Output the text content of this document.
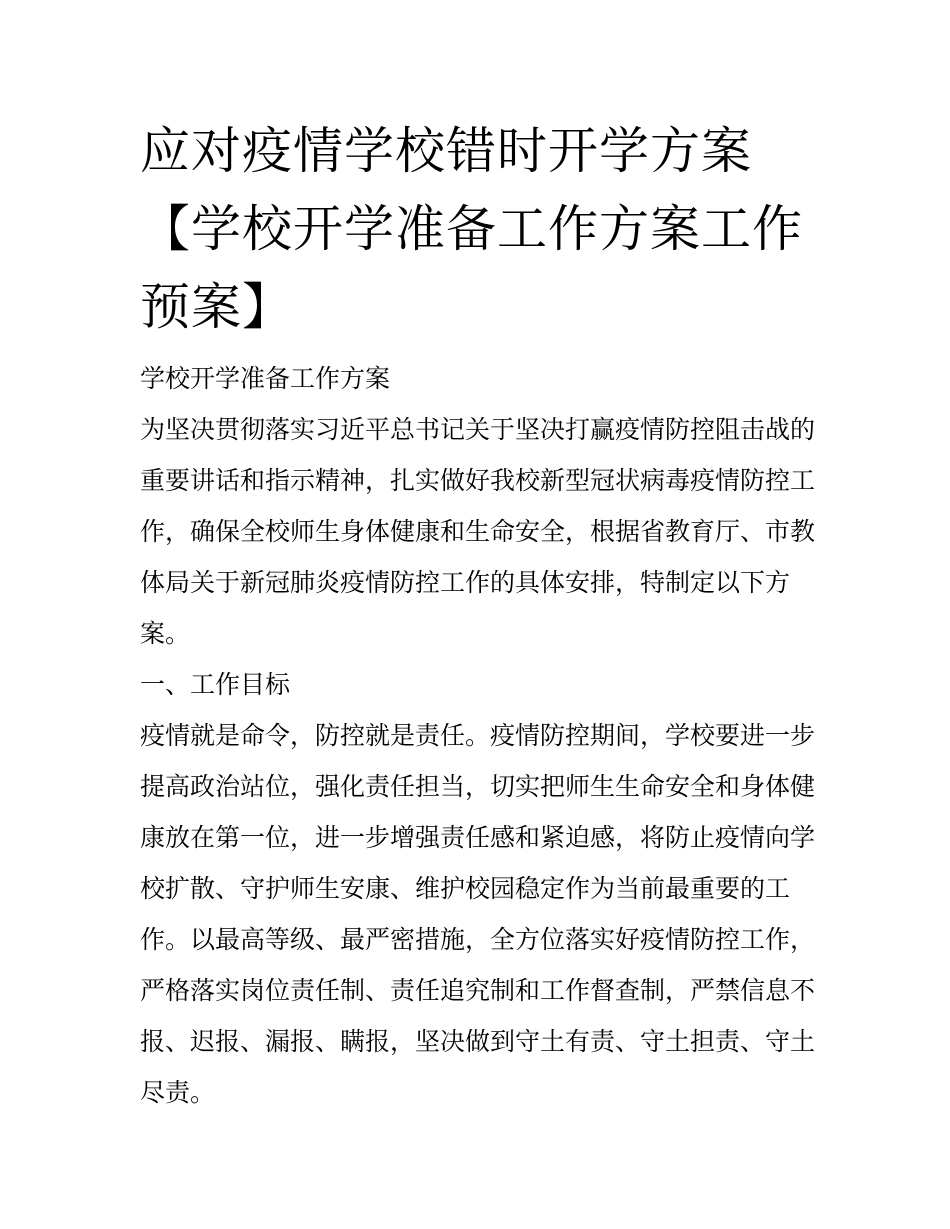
应对疫情学校错时开学方案
【学校开学准备工作方案工作
预案】

学校开学准备工作方案

为坚决贯彻落实习近平总书记关于坚决打赢疫情防控阻击战的
重要讲话和指示精神，扎实做好我校新型冠状病毒疫情防控工
作，确保全校师生身体健康和生命安全，根据省教育厅、市教
体局关于新冠肺炎疫情防控工作的具体安排，特制定以下方
案。

一、工作目标

疫情就是命令，防控就是责任。疫情防控期间，学校要进一步
提高政治站位，强化责任担当，切实把师生生命安全和身体健
康放在第一位，进一步增强责任感和紧迫感，将防止疫情向学
校扩散、守护师生安康、维护校园稳定作为当前最重要的工
作。以最高等级、最严密措施，全方位落实好疫情防控工作，
严格落实岗位责任制、责任追究制和工作督查制，严禁信息不
报、迟报、漏报、瞒报，坚决做到守土有责、守土担责、守土
尽责。
